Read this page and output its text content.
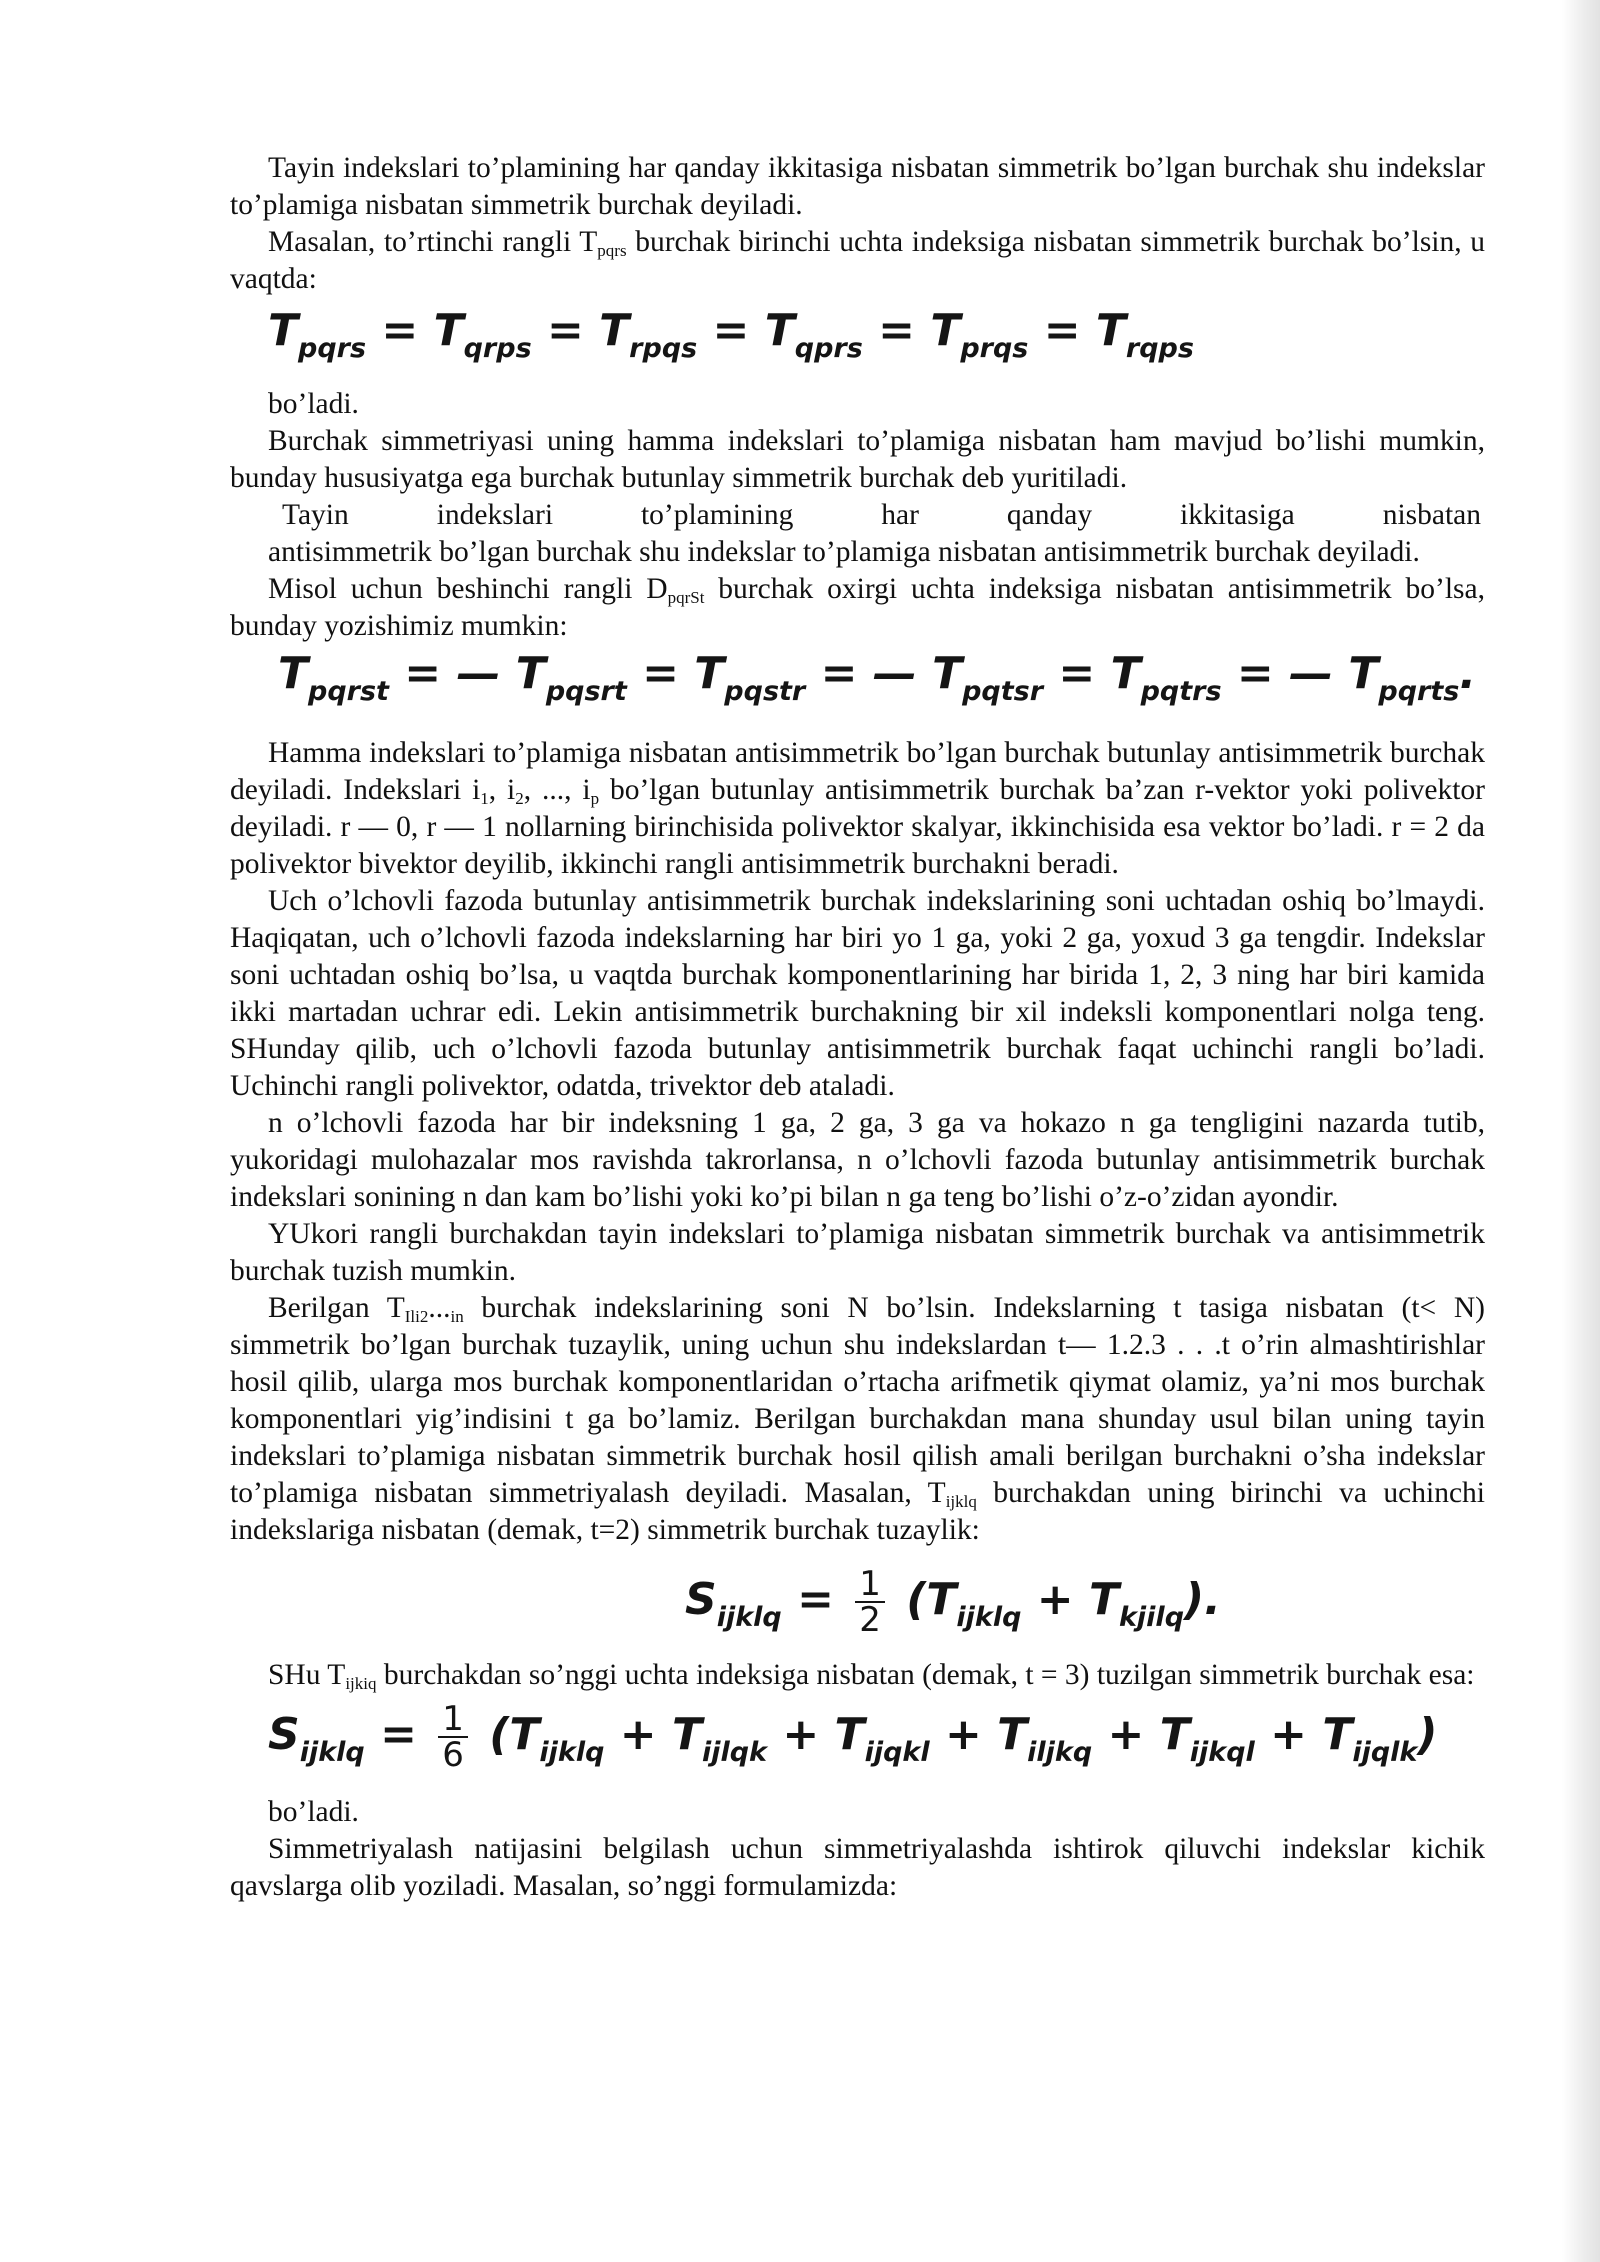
Tayin indekslari to’plamining har qanday ikkitasiga nisbatan simmetrik bo’lgan burchak shu indekslar to’plamiga nisbatan simmetrik burchak deyiladi.

Masalan, to’rtinchi rangli $T_{pqrs}$ burchak birinchi uchta indeksiga nisbatan simmetrik burchak bo’lsin, u vaqtda:

$T_{pqrs} = T_{qrps} = T_{rpqs} = T_{qprs} = T_{prqs} = T_{rqps}$

bo’ladi.

Burchak simmetriyasi uning hamma indekslari to’plamiga nisbatan ham mavjud bo’lishi mumkin, bunday hususiyatga ega burchak butunlay simmetrik burchak deb yuritiladi.

Tayin indekslari to’plamining har qanday ikkitasiga nisbatan

antisimmetrik bo’lgan burchak shu indekslar to’plamiga nisbatan antisimmetrik burchak deyiladi.

Misol uchun beshinchi rangli $D_{pqrSt}$ burchak oxirgi uchta indeksiga nisbatan antisimmetrik bo’lsa, bunday yozishimiz mumkin:

$T_{pqrst}$ = — $T_{pqsrt} = T_{pqstr}$ = — $T_{pqtsr} = T_{pqtrs}$ = — $T_{pqrts}$.

Hamma indekslari to’plamiga nisbatan antisimmetrik bo’lgan burchak butunlay antisimmetrik burchak deyiladi. Indekslari $i_1$, $i_2$, ..., $i_p$ bo’lgan butunlay antisimmetrik burchak ba’zan r-vektor yoki polivektor deyiladi. r — 0, r — 1 nollarning birinchisida polivektor skalyar, ikkinchisida esa vektor bo’ladi. r = 2 da polivektor bivektor deyilib, ikkinchi rangli antisimmetrik burchakni beradi.

Uch o’lchovli fazoda butunlay antisimmetrik burchak indekslarining soni uchtadan oshiq bo’lmaydi. Haqiqatan, uch o’lchovli fazoda indekslarning har biri yo 1 ga, yoki 2 ga, yoxud 3 ga tengdir. Indekslar soni uchtadan oshiq bo’lsa, u vaqtda burchak komponentlarining har birida 1, 2, 3 ning har biri kamida ikki martadan uchrar edi. Lekin antisimmetrik burchakning bir xil indeksli komponentlari nolga teng. SHunday qilib, uch o’lchovli fazoda butunlay antisimmetrik burchak faqat uchinchi rangli bo’ladi. Uchinchi rangli polivektor, odatda, trivektor deb ataladi.

n o’lchovli fazoda har bir indeksning 1 ga, 2 ga, 3 ga va hokazo n ga tengligini nazarda tutib, yukoridagi mulohazalar mos ravishda takrorlansa, n o’lchovli fazoda butunlay antisimmetrik burchak indekslari sonining n dan kam bo’lishi yoki ko’pi bilan n ga teng bo’lishi o’z-o’zidan ayondir.

YUkori rangli burchakdan tayin indekslari to’plamiga nisbatan simmetrik burchak va antisimmetrik burchak tuzish mumkin.

Berilgan $T_{Ili2}..._{in}$ burchak indekslarining soni N bo’lsin. Indekslarning t tasiga nisbatan (t< N) simmetrik bo’lgan burchak tuzaylik, uning uchun shu indekslardan t— 1.2.3 . . .t o’rin almashtirishlar hosil qilib, ularga mos burchak komponentlaridan o’rtacha arifmetik qiymat olamiz, ya’ni mos burchak komponentlari yig’indisini t ga bo’lamiz. Berilgan burchakdan mana shunday usul bilan uning tayin indekslari to’plamiga nisbatan simmetrik burchak hosil qilish amali berilgan burchakni o’sha indekslar to’plamiga nisbatan simmetriyalash deyiladi. Masalan, $T_{ijklq}$ burchakdan uning birinchi va uchinchi indekslariga nisbatan (demak, t=2) simmetrik burchak tuzaylik:

$S_{ijklq} = \frac{1}{2} (T_{ijklq} + T_{kjilq})$.

SHu $T_{ijkiq}$ burchakdan so’nggi uchta indeksiga nisbatan (demak, t = 3) tuzilgan simmetrik burchak esa:

$S_{ijklq} = \frac{1}{6} (T_{ijklq} + T_{ijlqk} + T_{ijqkl} + T_{iljkq} + T_{ijkql} + T_{ijqlk})$

bo’ladi.

Simmetriyalash natijasini belgilash uchun simmetriyalashda ishtirok qiluvchi indekslar kichik qavslarga olib yoziladi. Masalan, so’nggi formulamizda:
